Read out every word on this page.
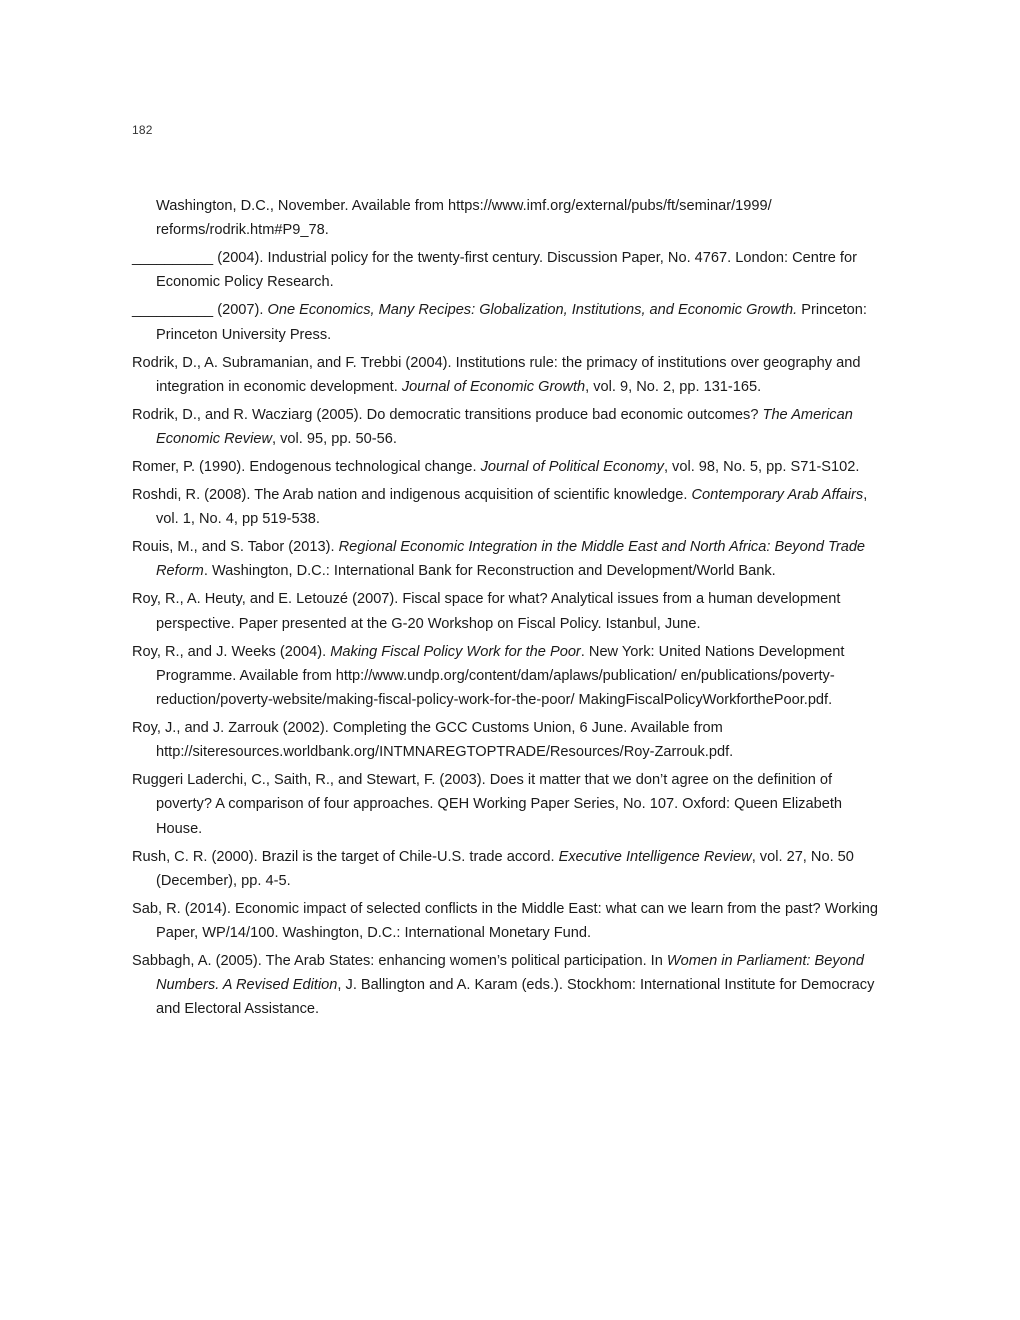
182

Washington, D.C., November. Available from https://www.imf.org/external/pubs/ft/seminar/1999/ reforms/rodrik.htm#P9_78.

__________ (2004). Industrial policy for the twenty-first century. Discussion Paper, No. 4767. London: Centre for Economic Policy Research.

__________ (2007). One Economics, Many Recipes: Globalization, Institutions, and Economic Growth. Princeton: Princeton University Press.

Rodrik, D., A. Subramanian, and F. Trebbi (2004). Institutions rule: the primacy of institutions over geography and integration in economic development. Journal of Economic Growth, vol. 9, No. 2, pp. 131-165.

Rodrik, D., and R. Wacziarg (2005). Do democratic transitions produce bad economic outcomes? The American Economic Review, vol. 95, pp. 50-56.

Romer, P. (1990). Endogenous technological change. Journal of Political Economy, vol. 98, No. 5, pp. S71-S102.

Roshdi, R. (2008). The Arab nation and indigenous acquisition of scientific knowledge. Contemporary Arab Affairs, vol. 1, No. 4, pp 519-538.

Rouis, M., and S. Tabor (2013). Regional Economic Integration in the Middle East and North Africa: Beyond Trade Reform. Washington, D.C.: International Bank for Reconstruction and Development/World Bank.

Roy, R., A. Heuty, and E. Letouzé (2007). Fiscal space for what? Analytical issues from a human development perspective. Paper presented at the G-20 Workshop on Fiscal Policy. Istanbul, June.

Roy, R., and J. Weeks (2004). Making Fiscal Policy Work for the Poor. New York: United Nations Development Programme. Available from http://www.undp.org/content/dam/aplaws/publication/ en/publications/poverty-reduction/poverty-website/making-fiscal-policy-work-for-the-poor/ MakingFiscalPolicyWorkforthePoor.pdf.

Roy, J., and J. Zarrouk (2002). Completing the GCC Customs Union, 6 June. Available from http://siteresources.worldbank.org/INTMNAREGTOPTRADE/Resources/Roy-Zarrouk.pdf.

Ruggeri Laderchi, C., Saith, R., and Stewart, F. (2003). Does it matter that we don’t agree on the definition of poverty? A comparison of four approaches. QEH Working Paper Series, No. 107. Oxford: Queen Elizabeth House.

Rush, C. R. (2000). Brazil is the target of Chile-U.S. trade accord. Executive Intelligence Review, vol. 27, No. 50 (December), pp. 4-5.

Sab, R. (2014). Economic impact of selected conflicts in the Middle East: what can we learn from the past? Working Paper, WP/14/100. Washington, D.C.: International Monetary Fund.

Sabbagh, A. (2005). The Arab States: enhancing women’s political participation. In Women in Parliament: Beyond Numbers. A Revised Edition, J. Ballington and A. Karam (eds.). Stockhom: International Institute for Democracy and Electoral Assistance.
